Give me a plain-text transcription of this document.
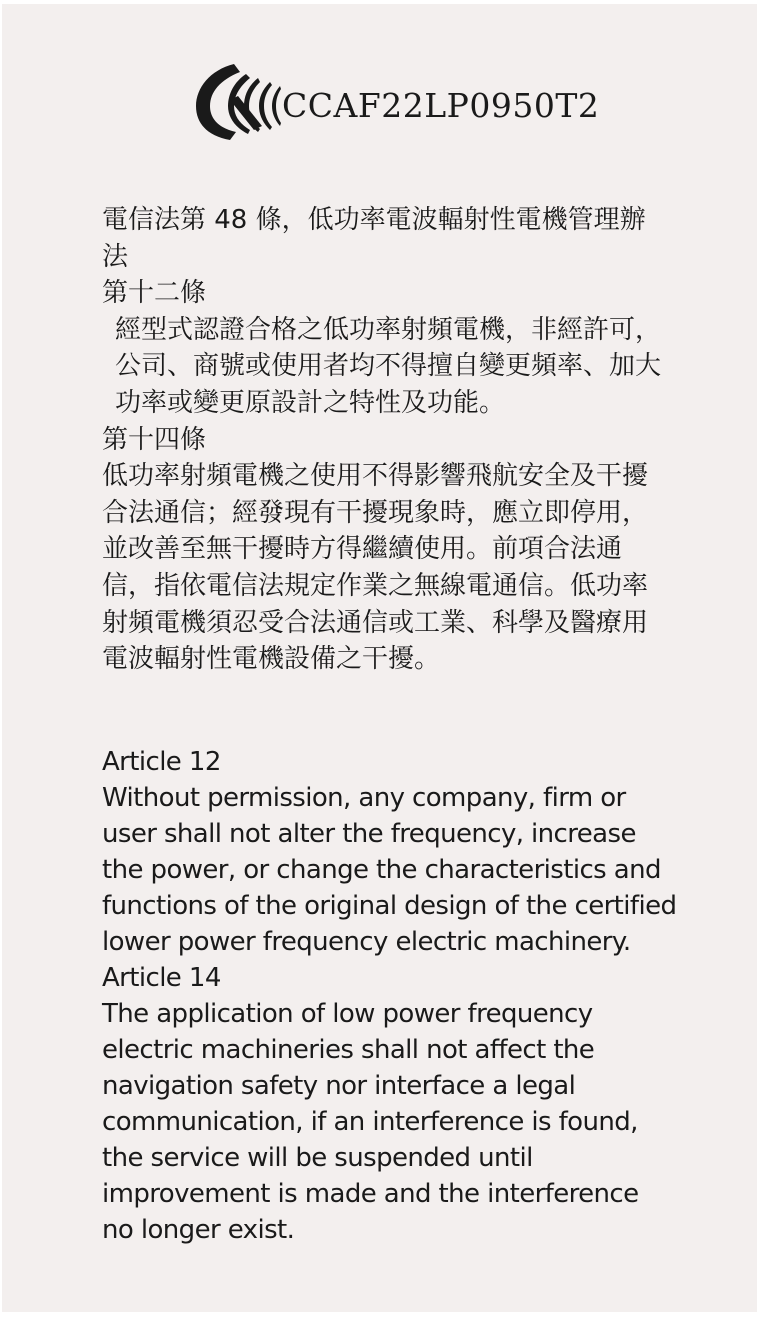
CCAF22LP0950T2

電信法第 48 條，低功率電波輻射性電機管理辦法

第十二條

經型式認證合格之低功率射頻電機，非經許可，公司、商號或使用者均不得擅自變更頻率、加大功率或變更原設計之特性及功能。

第十四條

低功率射頻電機之使用不得影響飛航安全及干擾合法通信；經發現有干擾現象時，應立即停用，並改善至無干擾時方得繼續使用。前項合法通信，指依電信法規定作業之無線電通信。低功率射頻電機須忍受合法通信或工業、科學及醫療用電波輻射性電機設備之干擾。

Article 12

Without permission, any company, firm or user shall not alter the frequency, increase the power, or change the characteristics and functions of the original design of the certified lower power frequency electric machinery.

Article 14

The application of low power frequency electric machineries shall not affect the navigation safety nor interface a legal communication, if an interference is found, the service will be suspended until improvement is made and the interference no longer exist.
